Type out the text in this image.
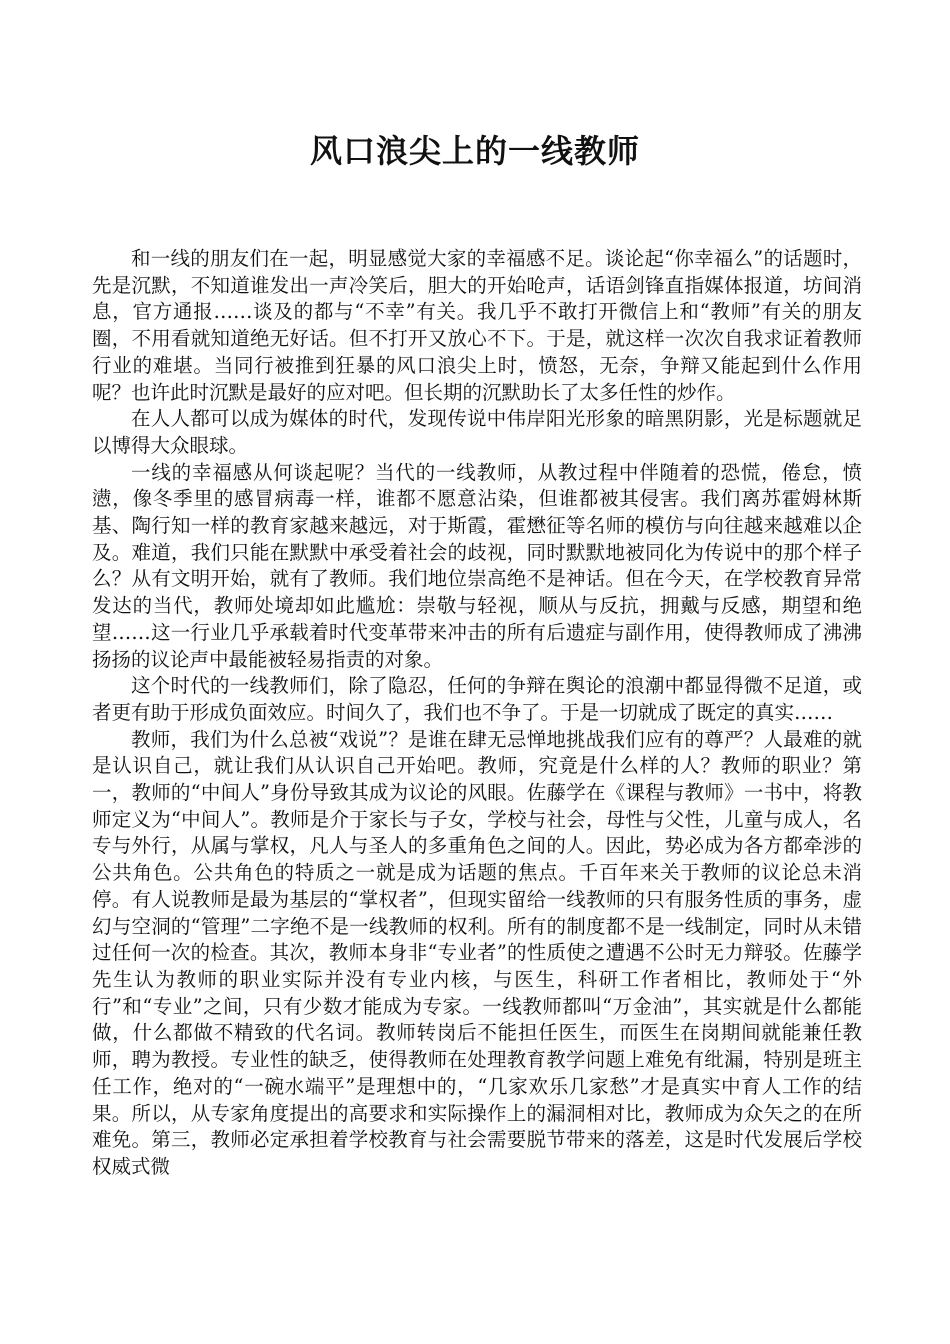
风口浪尖上的一线教师

和一线的朋友们在一起，明显感觉大家的幸福感不足。谈论起“你幸福么”的话题时，先是沉默，不知道谁发出一声冷笑后，胆大的开始呛声，话语剑锋直指媒体报道，坊间消息，官方通报……谈及的都与“不幸”有关。我几乎不敢打开微信上和“教师”有关的朋友圈，不用看就知道绝无好话。但不打开又放心不下。于是，就这样一次次自我求证着教师行业的难堪。当同行被推到狂暴的风口浪尖上时，愤怒，无奈，争辩又能起到什么作用呢？也许此时沉默是最好的应对吧。但长期的沉默助长了太多任性的炒作。

在人人都可以成为媒体的时代，发现传说中伟岸阳光形象的暗黑阴影，光是标题就足以博得大众眼球。

一线的幸福感从何谈起呢？当代的一线教师，从教过程中伴随着的恐慌，倦怠，愤懑，像冬季里的感冒病毒一样，谁都不愿意沾染，但谁都被其侵害。我们离苏霍姆林斯基、陶行知一样的教育家越来越远，对于斯霞，霍懋征等名师的模仿与向往越来越难以企及。难道，我们只能在默默中承受着社会的歧视，同时默默地被同化为传说中的那个样子么？从有文明开始，就有了教师。我们地位崇高绝不是神话。但在今天，在学校教育异常发达的当代，教师处境却如此尴尬：崇敬与轻视，顺从与反抗，拥戴与反感，期望和绝望……这一行业几乎承载着时代变革带来冲击的所有后遗症与副作用，使得教师成了沸沸扬扬的议论声中最能被轻易指责的对象。

这个时代的一线教师们，除了隐忍，任何的争辩在舆论的浪潮中都显得微不足道，或者更有助于形成负面效应。时间久了，我们也不争了。于是一切就成了既定的真实……

教师，我们为什么总被“戏说”？是谁在肆无忌惮地挑战我们应有的尊严？人最难的就是认识自己，就让我们从认识自己开始吧。教师，究竟是什么样的人？教师的职业？第一，教师的“中间人”身份导致其成为议论的风眼。佐藤学在《课程与教师》一书中，将教师定义为“中间人”。教师是介于家长与子女，学校与社会，母性与父性，儿童与成人，名专与外行，从属与掌权，凡人与圣人的多重角色之间的人。因此，势必成为各方都牵涉的公共角色。公共角色的特质之一就是成为话题的焦点。千百年来关于教师的议论总未消停。有人说教师是最为基层的“掌权者”，但现实留给一线教师的只有服务性质的事务，虚幻与空洞的“管理”二字绝不是一线教师的权利。所有的制度都不是一线制定，同时从未错过任何一次的检查。其次，教师本身非“专业者”的性质使之遭遇不公时无力辩驳。佐藤学先生认为教师的职业实际并没有专业内核，与医生，科研工作者相比，教师处于“外行”和“专业”之间，只有少数才能成为专家。一线教师都叫“万金油”，其实就是什么都能做，什么都做不精致的代名词。教师转岗后不能担任医生，而医生在岗期间就能兼任教师，聘为教授。专业性的缺乏，使得教师在处理教育教学问题上难免有纰漏，特别是班主任工作，绝对的“一碗水端平”是理想中的，“几家欢乐几家愁”才是真实中育人工作的结果。所以，从专家角度提出的高要求和实际操作上的漏洞相对比，教师成为众矢之的在所难免。第三，教师必定承担着学校教育与社会需要脱节带来的落差，这是时代发展后学校权威式微
